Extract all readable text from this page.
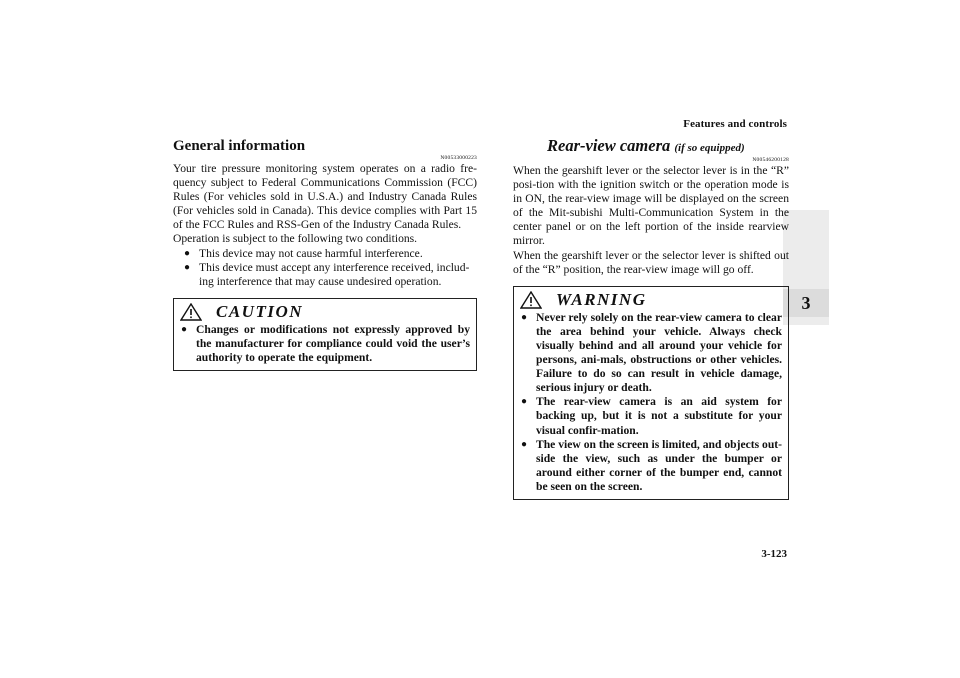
Features and controls
3
General information
N00533000223

Your tire pressure monitoring system operates on a radio fre-quency subject to Federal Communications Commission (FCC) Rules (For vehicles sold in U.S.A.) and Industry Canada Rules (For vehicles sold in Canada). This device complies with Part 15 of the FCC Rules and RSS-Gen of the Industry Canada Rules.

Operation is subject to the following two conditions.

● This device may not cause harmful interference.
● This device must accept any interference received, includ-ing interference that may cause undesired operation.
CAUTION
● Changes or modifications not expressly approved by the manufacturer for compliance could void the user’s authority to operate the equipment.
Rear-view camera (if so equipped)
N00546200128

When the gearshift lever or the selector lever is in the “R” posi-tion with the ignition switch or the operation mode is in ON, the rear-view image will be displayed on the screen of the Mit-subishi Multi-Communication System in the center panel or on the left portion of the inside rearview mirror.

When the gearshift lever or the selector lever is shifted out of the “R” position, the rear-view image will go off.

WARNING
● Never rely solely on the rear-view camera to clear the area behind your vehicle. Always check visually behind and all around your vehicle for persons, ani-mals, obstructions or other vehicles. Failure to do so can result in vehicle damage, serious injury or death.
● The rear-view camera is an aid system for backing up, but it is not a substitute for your visual confir-mation.
● The view on the screen is limited, and objects out-side the view, such as under the bumper or around either corner of the bumper end, cannot be seen on the screen.
3-123
